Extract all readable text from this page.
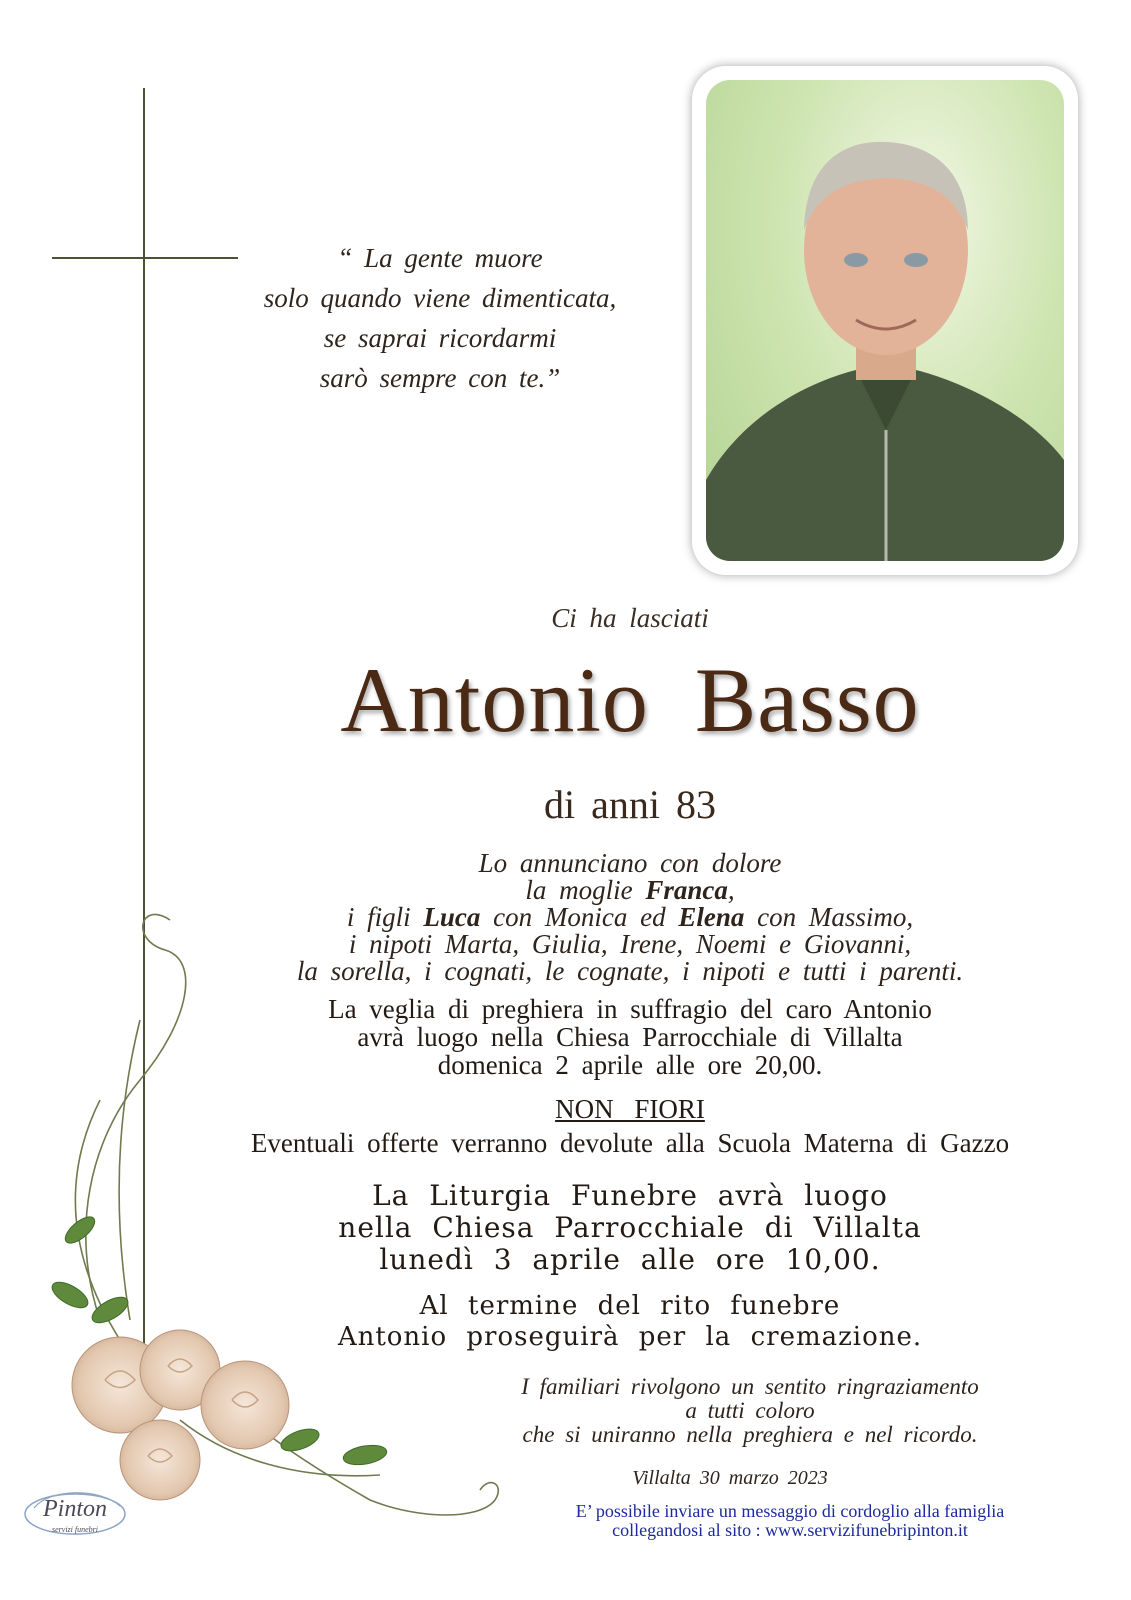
“ La gente muore
solo quando viene dimenticata,
se saprai ricordarmi
sarò sempre con te.”
Ci ha lasciati
Antonio Basso
di anni 83
Lo annunciano con dolore
la moglie Franca,
i figli Luca con Monica ed Elena con Massimo,
i nipoti Marta, Giulia, Irene, Noemi e Giovanni,
la sorella, i cognati, le cognate, i nipoti e tutti i parenti.
La veglia di preghiera in suffragio del caro Antonio
avrà luogo nella Chiesa Parrocchiale di Villalta
domenica 2 aprile alle ore 20,00.
NON FIORI
Eventuali offerte verranno devolute alla Scuola Materna di Gazzo
La Liturgia Funebre avrà luogo
nella Chiesa Parrocchiale di Villalta
lunedì 3 aprile alle ore 10,00.
Al termine del rito funebre
Antonio proseguirà per la cremazione.
I familiari rivolgono un sentito ringraziamento
a tutti coloro
che si uniranno nella preghiera e nel ricordo.
Villalta 30 marzo 2023
E’ possibile inviare un messaggio di cordoglio alla famiglia
collegandosi al sito : www.servizifunebripinton.it
Pinton
servizi funebri
